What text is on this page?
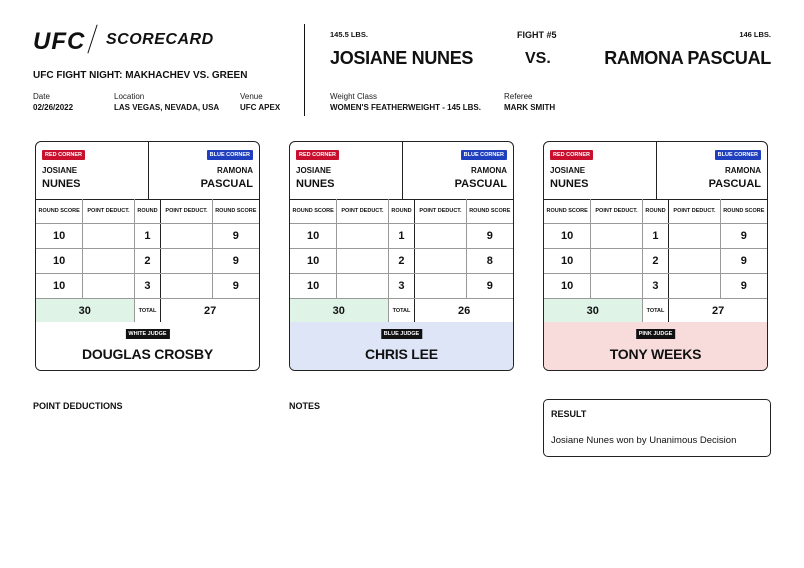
UFC SCORECARD
UFC FIGHT NIGHT: MAKHACHEV VS. GREEN
Date
02/26/2022
Location
LAS VEGAS, NEVADA, USA
Venue
UFC APEX
145.5 LBS.	FIGHT #5	146 LBS.
JOSIANE NUNES	VS.	RAMONA PASCUAL
Weight Class
WOMEN'S FEATHERWEIGHT - 145 LBS.
Referee
MARK SMITH
RED CORNER	BLUE CORNER
JOSIANE
NUNES
RAMONA
PASCUAL
ROUND SCORE	POINT DEDUCT.	ROUND	POINT DEDUCT.	ROUND SCORE
10		1		9
10		2		9
10		3		9
30		TOTAL	27	
WHITE JUDGE
DOUGLAS CROSBY
RED CORNER	BLUE CORNER
JOSIANE
NUNES
RAMONA
PASCUAL
ROUND SCORE	POINT DEDUCT.	ROUND	POINT DEDUCT.	ROUND SCORE
10		1		9
10		2		8
10		3		9
30		TOTAL	26	
BLUE JUDGE
CHRIS LEE
RED CORNER	BLUE CORNER
JOSIANE
NUNES
RAMONA
PASCUAL
ROUND SCORE	POINT DEDUCT.	ROUND	POINT DEDUCT.	ROUND SCORE
10		1		9
10		2		9
10		3		9
30		TOTAL	27	
PINK JUDGE
TONY WEEKS
POINT DEDUCTIONS	NOTES
RESULT
Josiane Nunes won by Unanimous Decision
